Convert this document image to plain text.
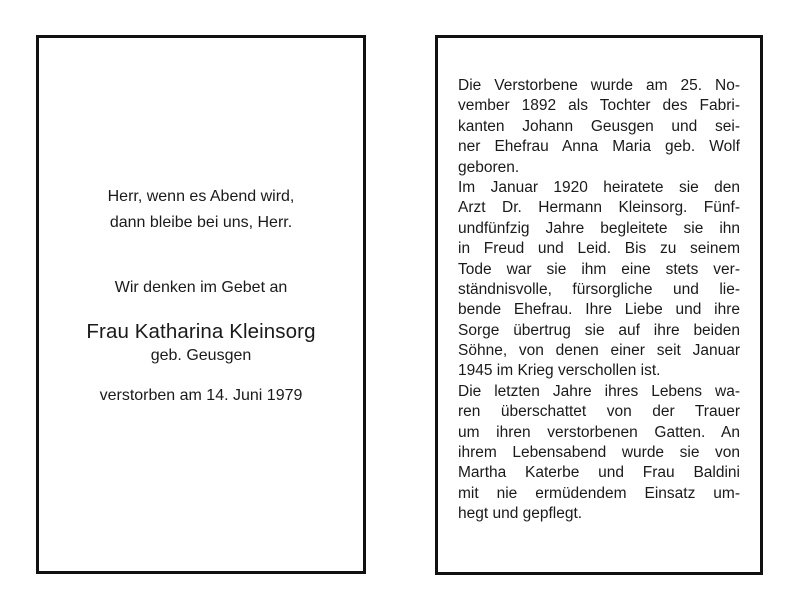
Herr, wenn es Abend wird,
dann bleibe bei uns, Herr.
Wir denken im Gebet an
Frau Katharina Kleinsorg
geb. Geusgen
verstorben am 14. Juni 1979
Die Verstorbene wurde am 25. No-
vember 1892 als Tochter des Fabri-
kanten Johann Geusgen und sei-
ner Ehefrau Anna Maria geb. Wolf
geboren.
Im Januar 1920 heiratete sie den
Arzt Dr. Hermann Kleinsorg. Fünf-
undfünfzig Jahre begleitete sie ihn
in Freud und Leid. Bis zu seinem
Tode war sie ihm eine stets ver-
ständnisvolle, fürsorgliche und lie-
bende Ehefrau. Ihre Liebe und ihre
Sorge übertrug sie auf ihre beiden
Söhne, von denen einer seit Januar
1945 im Krieg verschollen ist.
Die letzten Jahre ihres Lebens wa-
ren überschattet von der Trauer
um ihren verstorbenen Gatten. An
ihrem Lebensabend wurde sie von
Martha Katerbe und Frau Baldini
mit nie ermüdendem Einsatz um-
hegt und gepflegt.
